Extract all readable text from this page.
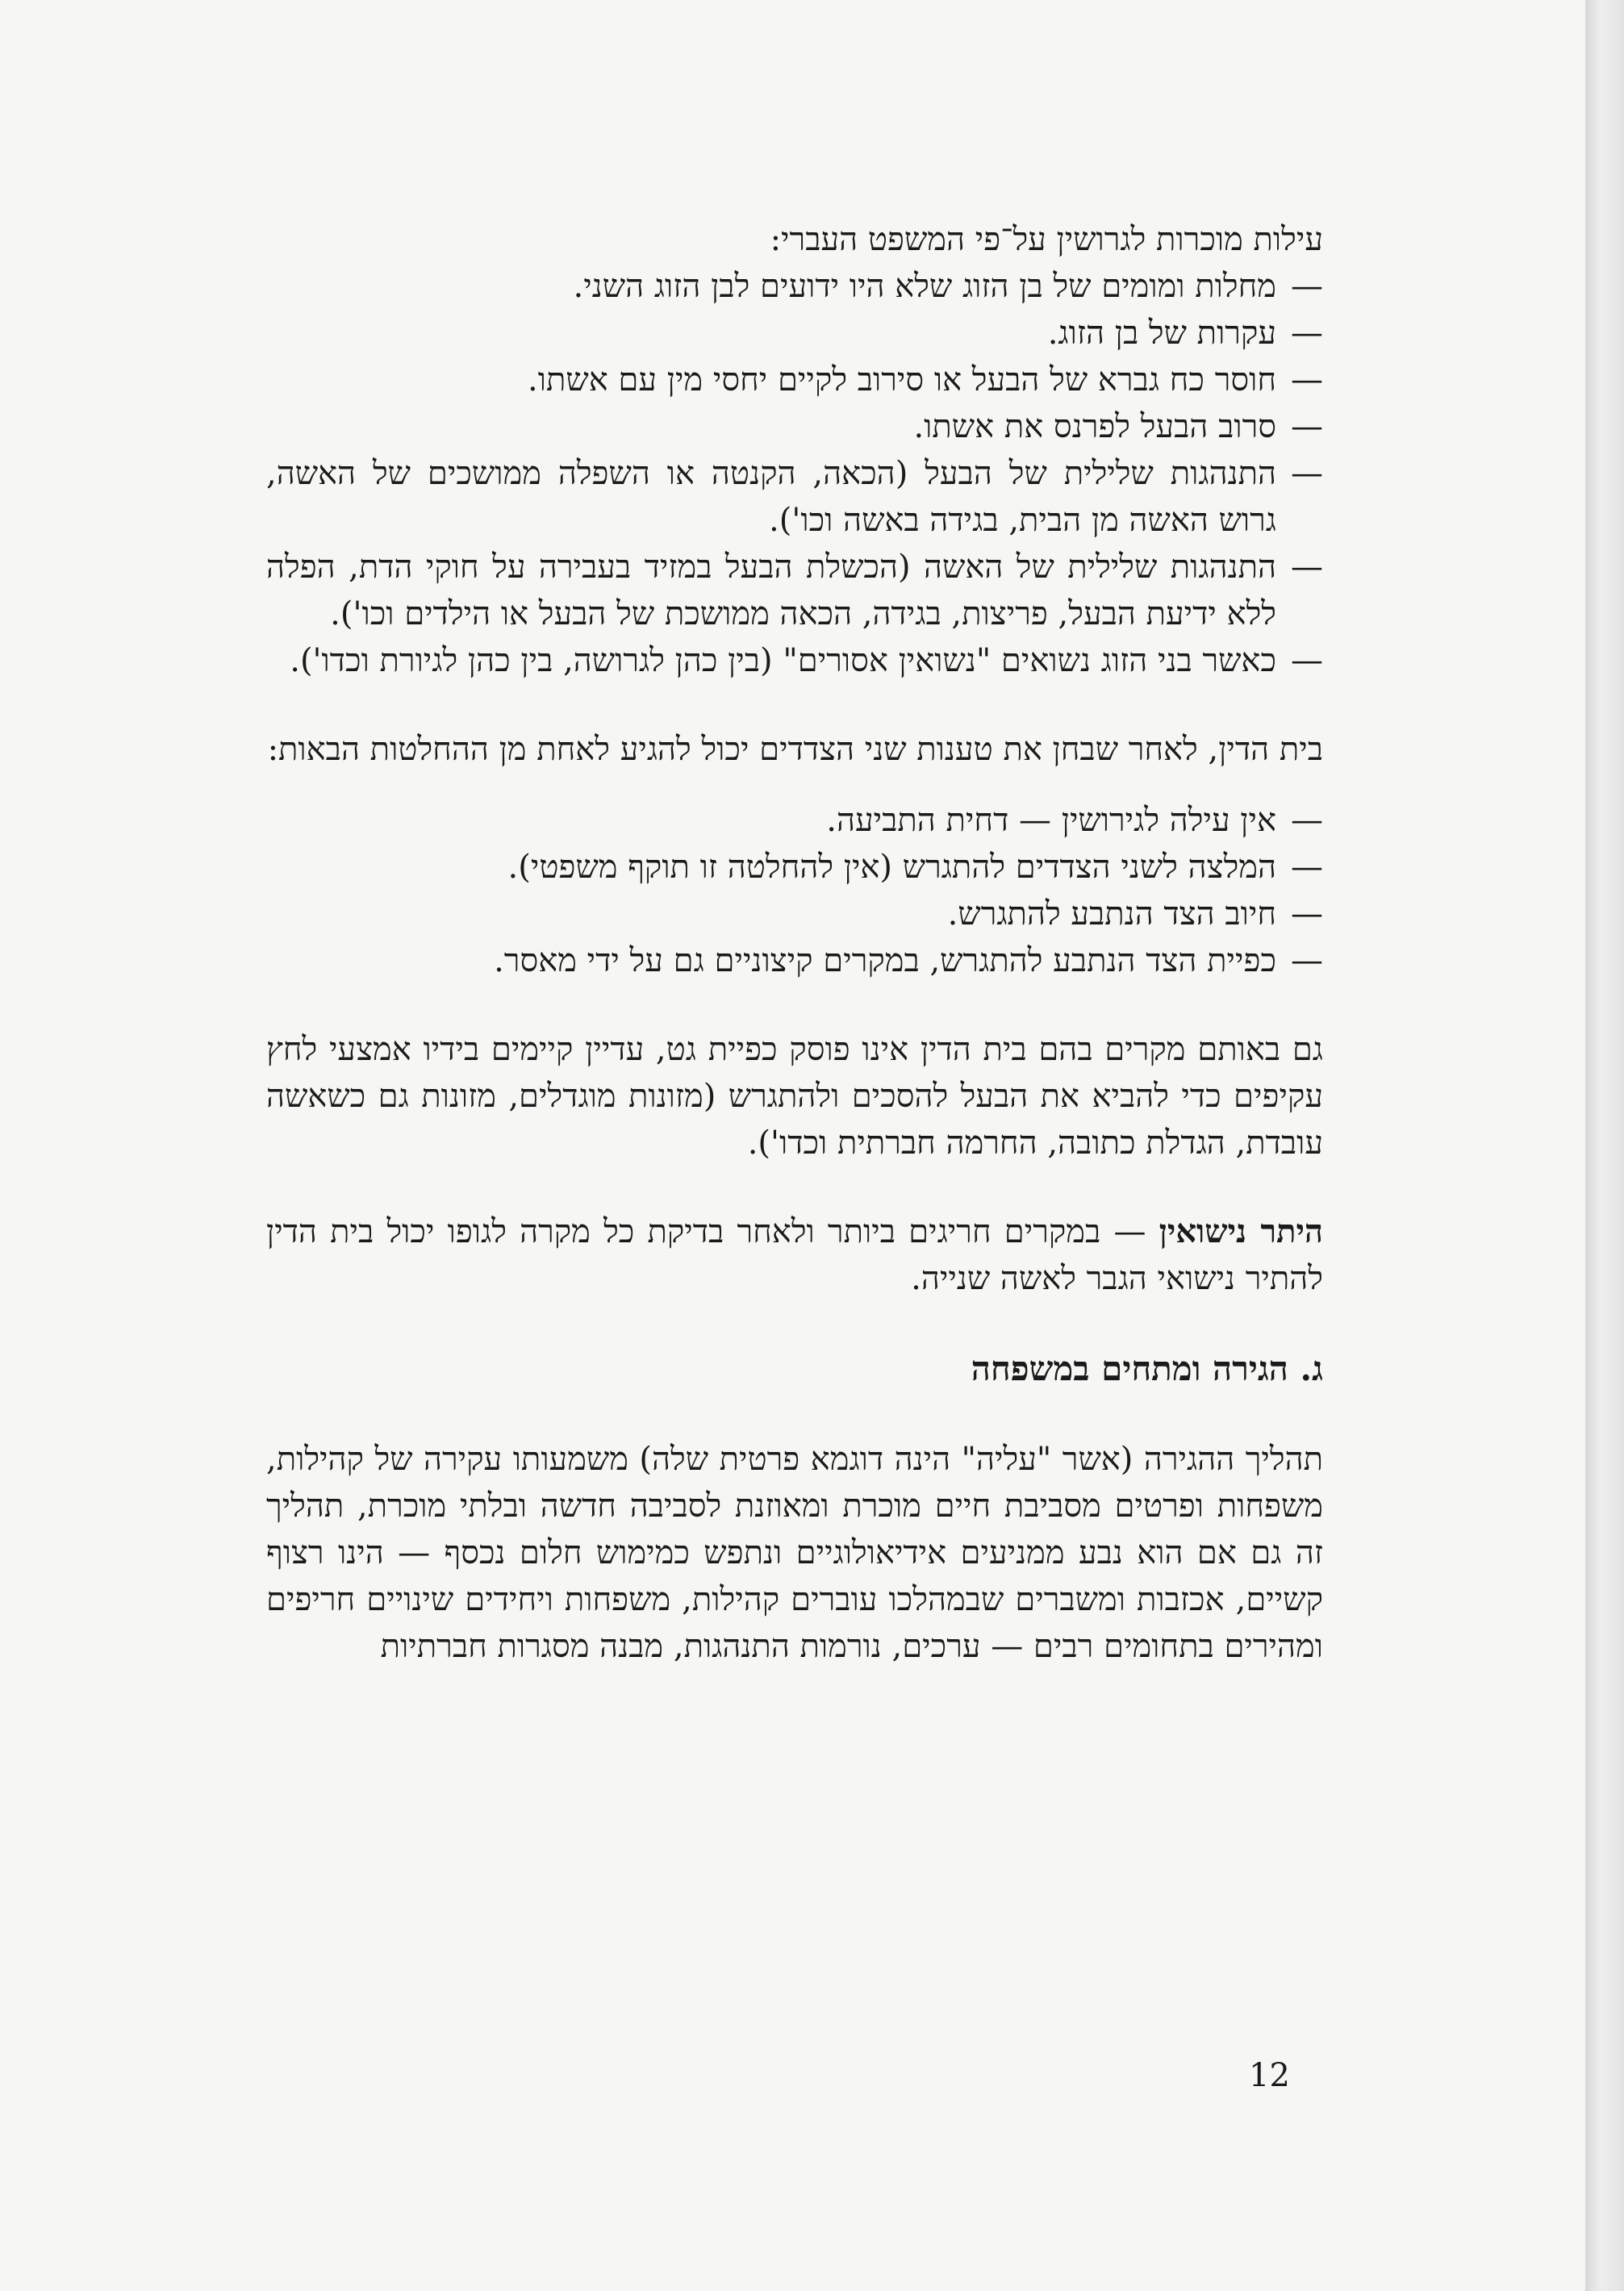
עילות מוכרות לגרושין על־פי המשפט העברי:

— מחלות ומומים של בן הזוג שלא היו ידועים לבן הזוג השני.
— עקרות של בן הזוג.
— חוסר כח גברא של הבעל או סירוב לקיים יחסי מין עם אשתו.
— סרוב הבעל לפרנס את אשתו.
— התנהגות שלילית של הבעל (הכאה, הקנטה או השפלה ממושכים של האשה, גרוש האשה מן הבית, בגידה באשה וכו').
— התנהגות שלילית של האשה (הכשלת הבעל במזיד בעבירה על חוקי הדת, הפלה ללא ידיעת הבעל, פריצות, בגידה, הכאה ממושכת של הבעל או הילדים וכו').
— כאשר בני הזוג נשואים "נשואין אסורים" (בין כהן לגרושה, בין כהן לגיורת וכדו').

בית הדין, לאחר שבחן את טענות שני הצדדים יכול להגיע לאחת מן ההחלטות הבאות:

— אין עילה לגירושין — דחית התביעה.
— המלצה לשני הצדדים להתגרש (אין להחלטה זו תוקף משפטי).
— חיוב הצד הנתבע להתגרש.
— כפיית הצד הנתבע להתגרש, במקרים קיצוניים גם על ידי מאסר.

גם באותם מקרים בהם בית הדין אינו פוסק כפיית גט, עדיין קיימים בידיו אמצעי לחץ עקיפים כדי להביא את הבעל להסכים ולהתגרש (מזונות מוגדלים, מזונות גם כשאשה עובדת, הגדלת כתובה, החרמה חברתית וכדו').

היתר נישואין — במקרים חריגים ביותר ולאחר בדיקת כל מקרה לגופו יכול בית הדין להתיר נישואי הגבר לאשה שנייה.

ג. הגירה ומתחים במשפחה

תהליך ההגירה (אשר "עליה" הינה דוגמא פרטית שלה) משמעותו עקירה של קהילות, משפחות ופרטים מסביבת חיים מוכרת ומאוזנת לסביבה חדשה ובלתי מוכרת, תהליך זה גם אם הוא נבע ממניעים אידיאולוגיים ונתפש כמימוש חלום נכסף — הינו רצוף קשיים, אכזבות ומשברים שבמהלכו עוברים קהילות, משפחות ויחידים שינויים חריפים ומהירים בתחומים רבים — ערכים, נורמות התנהגות, מבנה מסגרות חברתיות

12
